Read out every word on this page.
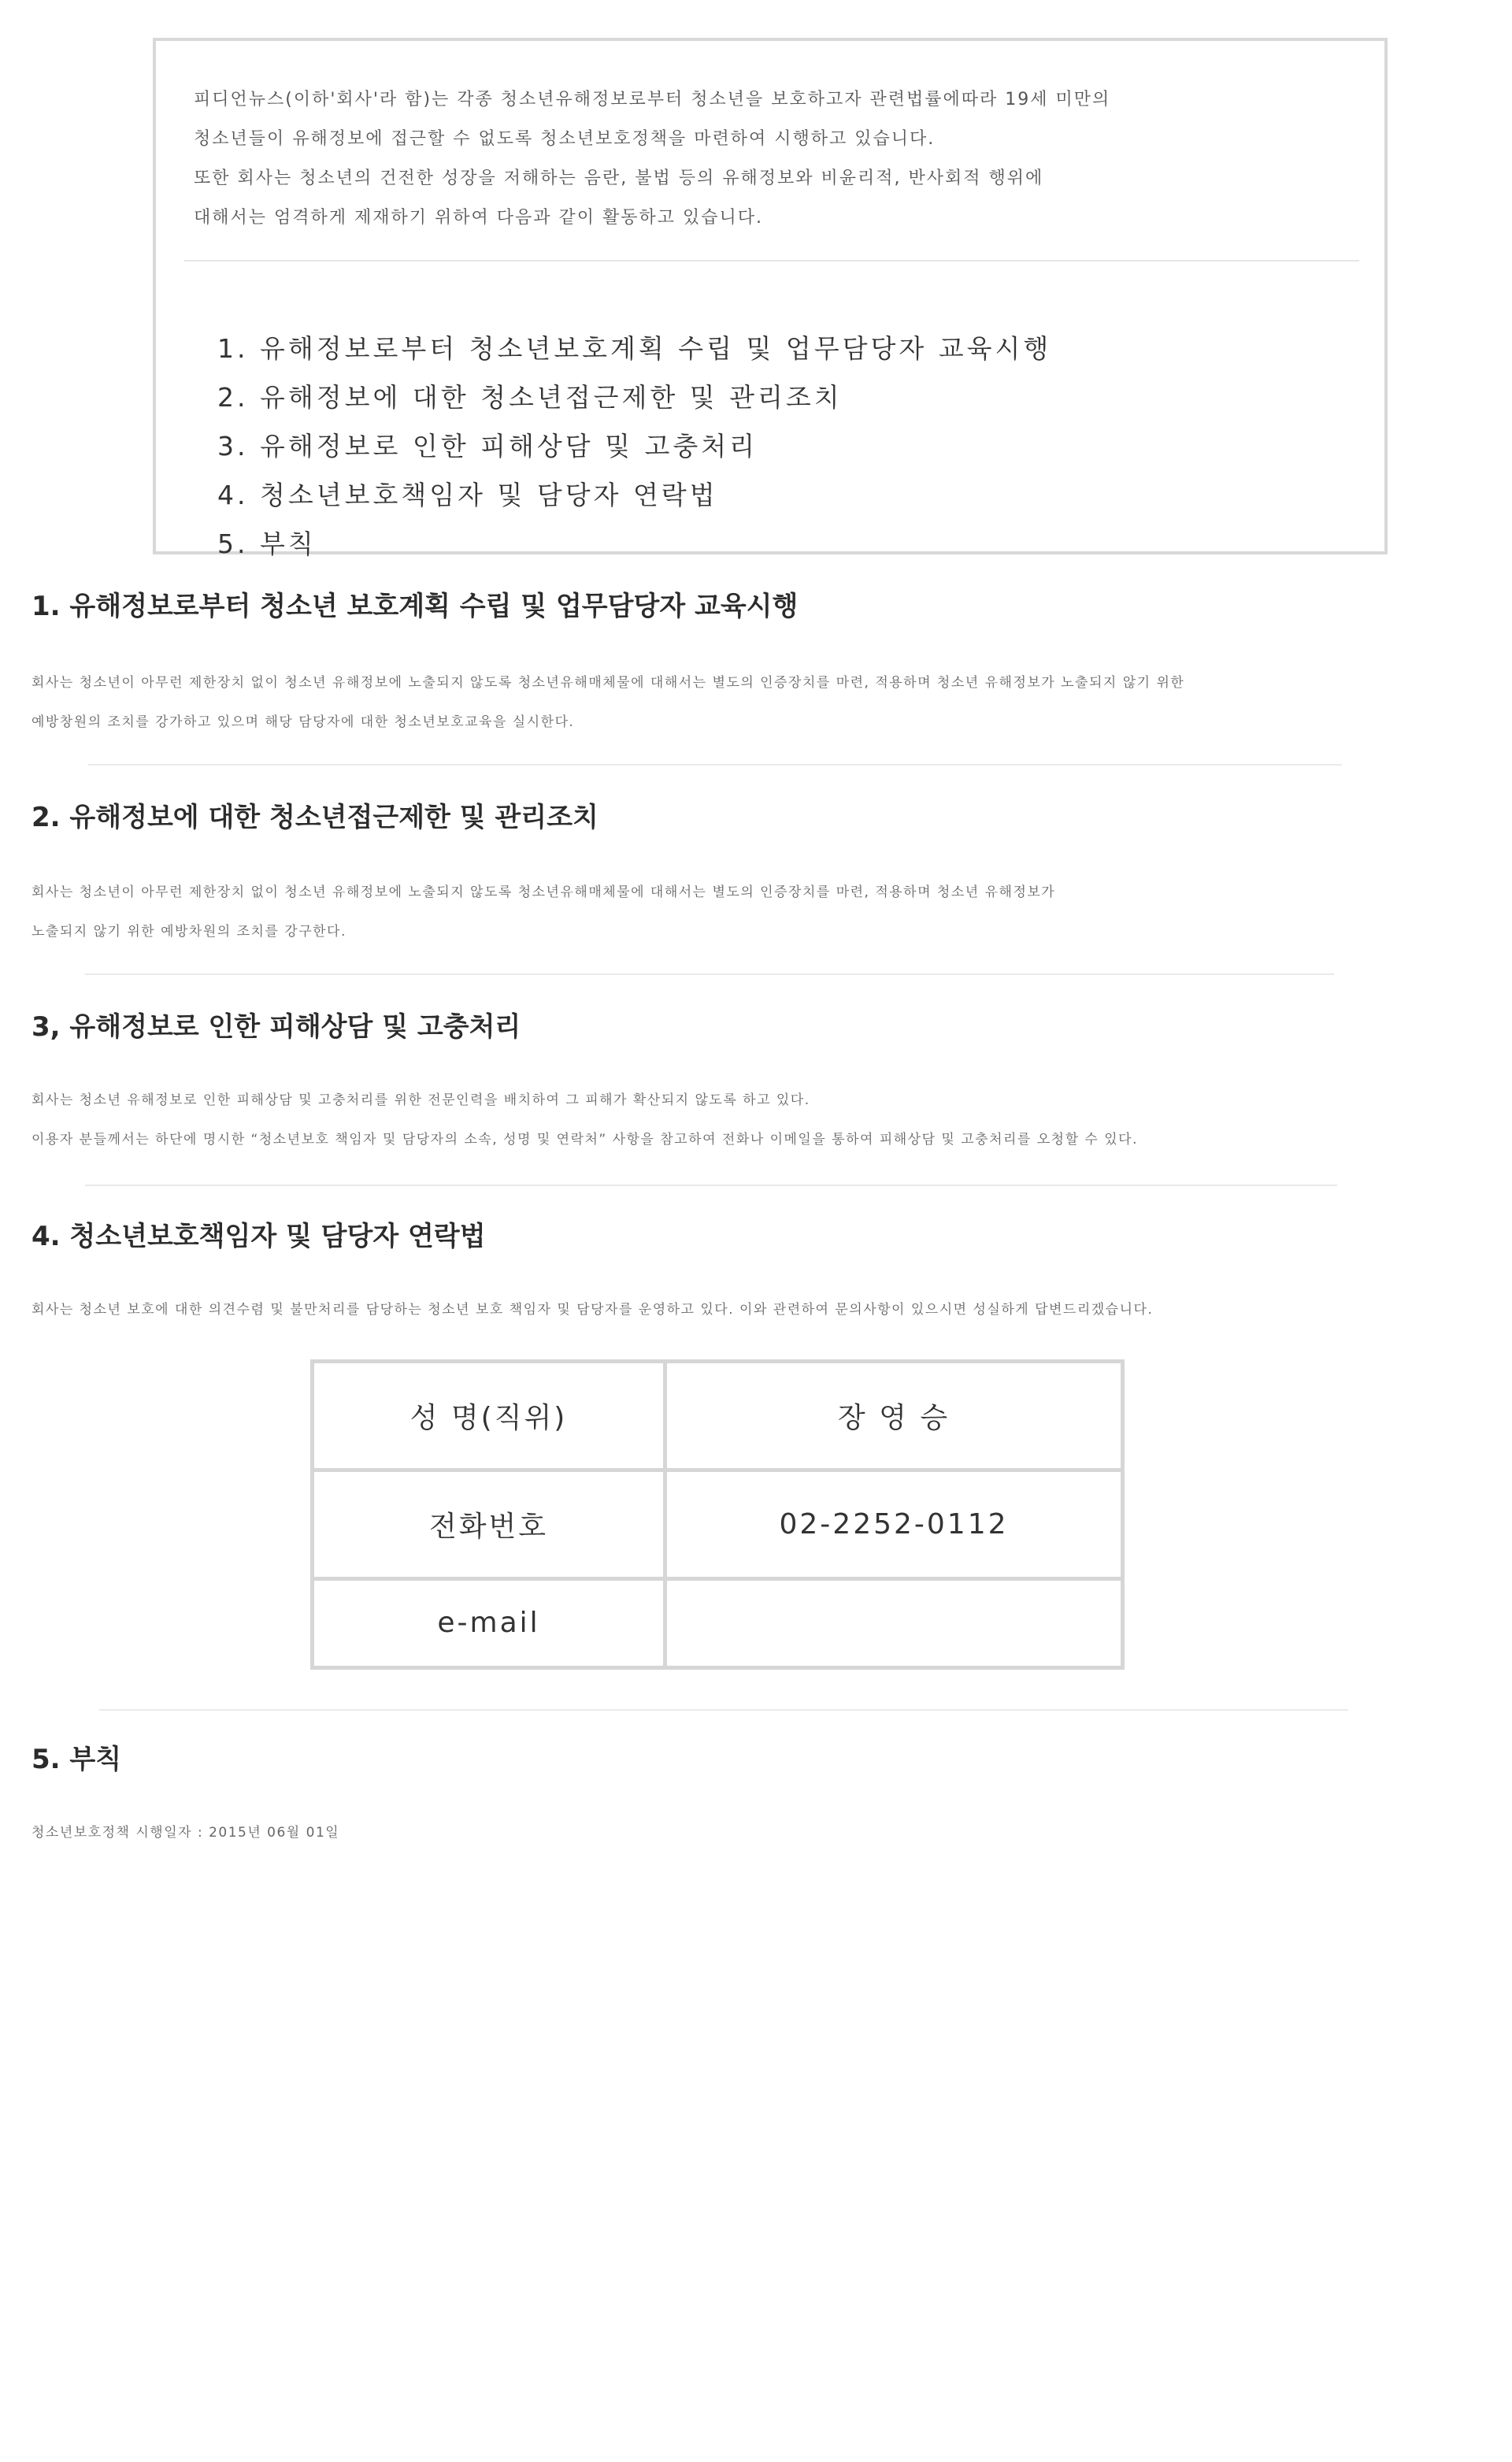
피디언뉴스(이하'회사'라 함)는 각종 청소년유해정보로부터 청소년을 보호하고자 관련법률에따라 19세 미만의

청소년들이 유해정보에 접근할 수 없도록 청소년보호정책을 마련하여 시행하고 있습니다.

또한 회사는 청소년의 건전한 성장을 저해하는 음란, 불법 등의 유해정보와 비윤리적, 반사회적 행위에

대해서는 엄격하게 제재하기 위하여 다음과 같이 활동하고 있습니다.

1. 유해정보로부터 청소년보호계획 수립 및 업무담당자 교육시행
2. 유해정보에 대한 청소년접근제한 및 관리조치
3. 유해정보로 인한 피해상담 및 고충처리
4. 청소년보호책임자 및 담당자 연락법
5. 부칙
1. 유해정보로부터 청소년 보호계획 수립 및 업무담당자 교육시행

회사는 청소년이 아무런 제한장치 없이 청소년 유해정보에 노출되지 않도록 청소년유해매체물에 대해서는 별도의 인증장치를 마련, 적용하며 청소년 유해정보가 노출되지 않기 위한

예방창원의 조치를 강가하고 있으며 해당 담당자에 대한 청소년보호교육을 실시한다.

2. 유해정보에 대한 청소년접근제한 및 관리조치

회사는 청소년이 아무런 제한장치 없이 청소년 유해정보에 노출되지 않도록 청소년유해매체물에 대해서는 별도의 인증장치를 마련, 적용하며 청소년 유해정보가

노출되지 않기 위한 예방차원의 조치를 강구한다.

3, 유해정보로 인한 피해상담 및 고충처리

회사는 청소년 유해정보로 인한 피해상담 및 고충처리를 위한 전문인력을 배치하여 그 피해가 확산되지 않도록 하고 있다.

이용자 분들께서는 하단에 명시한 “청소년보호 책임자 및 담당자의 소속, 성명 및 연락처” 사항을 참고하여 전화나 이메일을 통하여 피해상담 및 고충처리를 오청할 수 있다.

4. 청소년보호책임자 및 담당자 연락법

회사는 청소년 보호에 대한 의견수렴 및 불만처리를 담당하는 청소년 보호 책임자 및 담당자를 운영하고 있다. 이와 관련하여 문의사항이 있으시면 성실하게 답변드리겠습니다.

성 명(직위)	장 영 승
전화번호	02-2252-0112
e-mail	
5. 부칙

청소년보호정책 시행일자 : 2015년 06월 01일
